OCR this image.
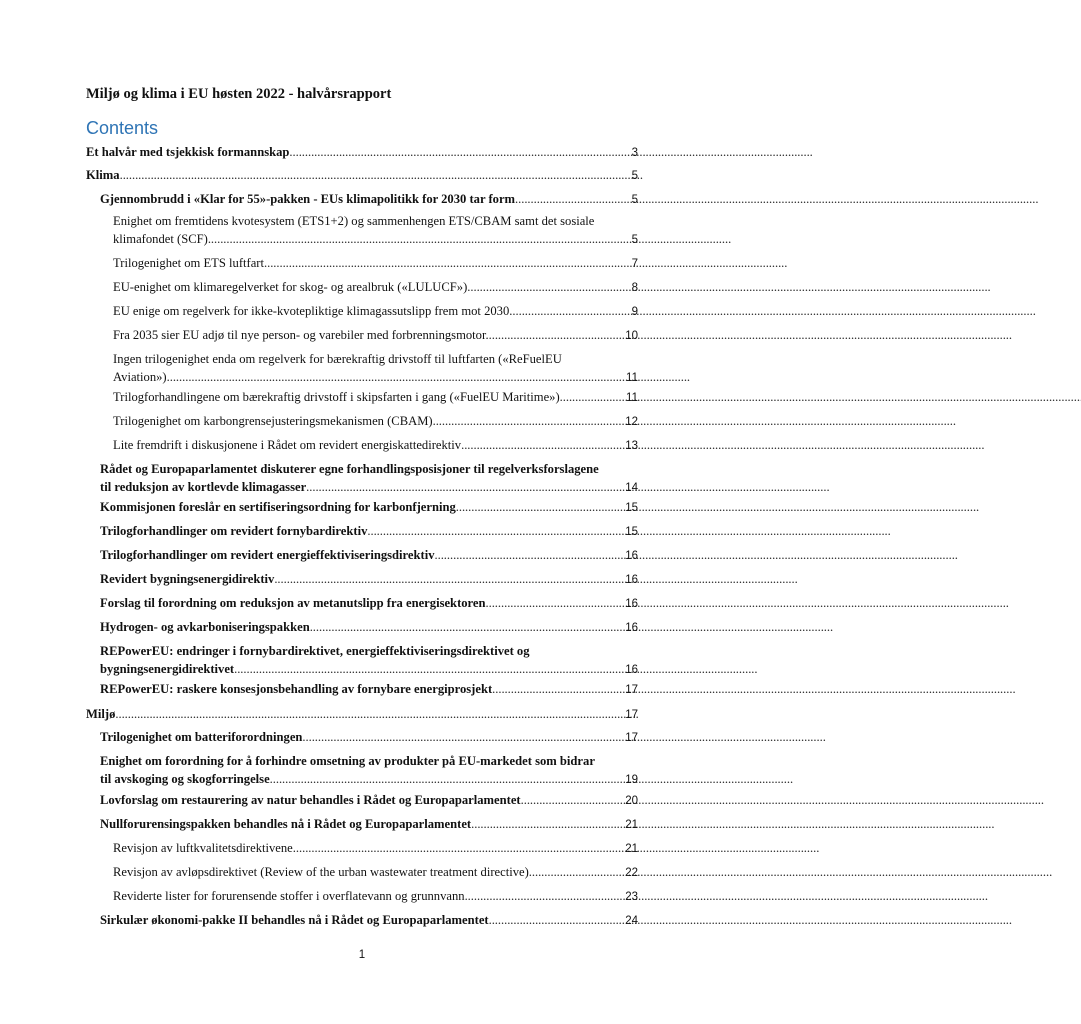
Miljø og klima i EU høsten 2022 - halvårsrapport
Contents
Et halvår med tsjekkisk formannskap . . .	3
Klima . . .	5
Gjennombrudd i «Klar for 55»-pakken - EUs klimapolitikk for 2030 tar form . . .	5
Enighet om fremtidens kvotesystem (ETS1+2) og sammenhengen ETS/CBAM samt det sosiale
klimafondet (SCF) . . .	5
Trilogenighet om ETS luftfart . . .	7
EU-enighet om klimaregelverket for skog- og arealbruk («LULUCF») . . .	8
EU enige om regelverk for ikke-kvotepliktige klimagassutslipp frem mot 2030. . . .	9
Fra 2035 sier EU adjø til nye person- og varebiler med forbrenningsmotor. . . .	10
Ingen trilogenighet enda om regelverk for bærekraftig drivstoff til luftfarten («ReFuelEU
Aviation») . . .	11
Trilogforhandlingene om bærekraftig drivstoff i skipsfarten i gang («FuelEU Maritime») . . .	11
Trilogenighet om karbongrensejusteringsmekanismen (CBAM) . . .	12
Lite fremdrift i diskusjonene i Rådet om revidert energiskattedirektiv . . .	13
Rådet og Europaparlamentet diskuterer egne forhandlingsposisjoner til regelverksforslagene
til reduksjon av kortlevde klimagasser . . .	14
Kommisjonen foreslår en sertifiseringsordning for karbonfjerning . . .	15
Trilogforhandlinger om revidert fornybardirektiv . . .	15
Trilogforhandlinger om revidert energieffektiviseringsdirektiv . . .	16
Revidert bygningsenergidirektiv . . .	16
Forslag til forordning om reduksjon av metanutslipp fra energisektoren . . .	16
Hydrogen- og avkarboniseringspakken . . .	16
REPowerEU: endringer i fornybardirektivet, energieffektiviseringsdirektivet og
bygningsenergidirektivet . . .	16
REPowerEU: raskere konsesjonsbehandling av fornybare energiprosjekt . . .	17
Miljø . . .	17
Trilogenighet om batteriforordningen . . .	17
Enighet om forordning for å forhindre omsetning av produkter på EU-markedet som bidrar
til avskoging og skogforringelse . . .	19
Lovforslag om restaurering av natur behandles i Rådet og Europaparlamentet . . .	20
Nullforurensingspakken behandles nå i Rådet og Europaparlamentet . . .	21
Revisjon av luftkvalitetsdirektivene. . . .	21
Revisjon av avløpsdirektivet (Review of the urban wastewater treatment directive) . . .	22
Reviderte lister for forurensende stoffer i overflatevann og grunnvann . . .	23
Sirkulær økonomi-pakke II behandles nå i Rådet og Europaparlamentet . . .	24
1
